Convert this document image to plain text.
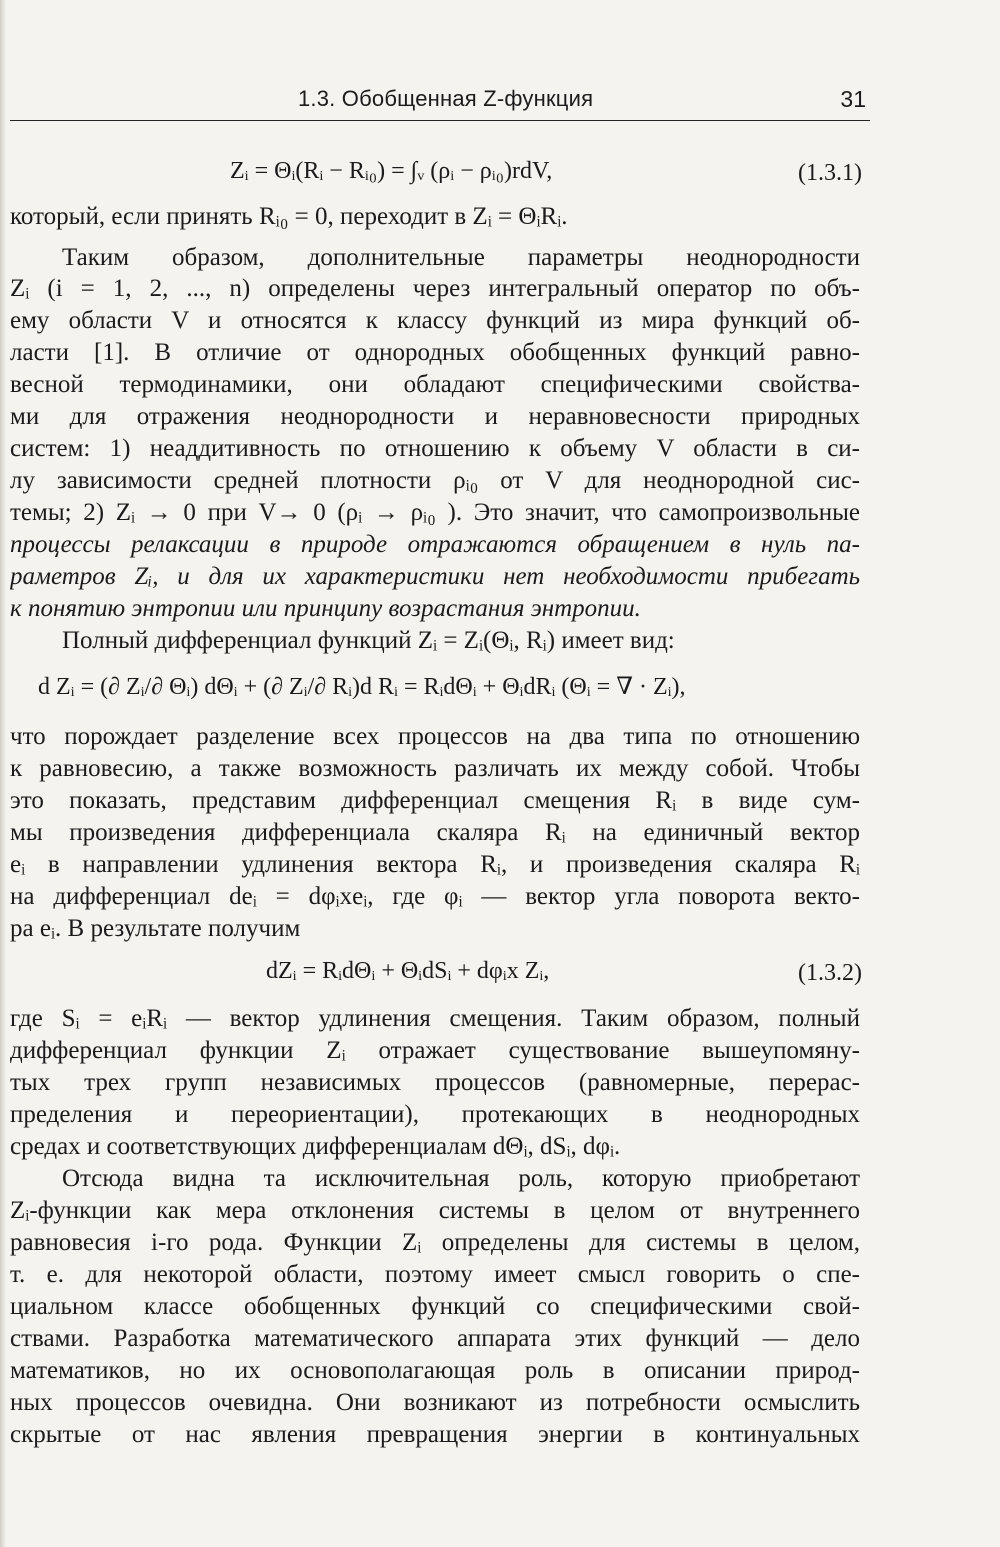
1.3. Обобщенная Z-функция	31
Zᵢ = Θᵢ(Rᵢ − Rᵢ₀) = ∫ᵥ (ρᵢ − ρᵢ₀)rdV,	(1.3.1)
который, если принять Rᵢ₀ = 0, переходит в Zᵢ = ΘᵢRᵢ.
Таким образом, дополнительные параметры неоднородности
Zᵢ (i = 1, 2, ..., n) определены через интегральный оператор по объ-
ему области V и относятся к классу функций из мира функций об-
ласти [1]. В отличие от однородных обобщенных функций равно-
весной термодинамики, они обладают специфическими свойства-
ми для отражения неоднородности и неравновесности природных
систем: 1) неаддитивность по отношению к объему V области в си-
лу зависимости средней плотности ρᵢ₀ от V для неоднородной сис-
темы; 2) Zᵢ → 0 при V→ 0 (ρᵢ → ρᵢ₀ ). Это значит, что самопроизвольные
процессы релаксации в природе отражаются обращением в нуль па-
раметров Zᵢ, и для их характеристики нет необходимости прибегать
к понятию энтропии или принципу возрастания энтропии.
Полный дифференциал функций Zᵢ = Zᵢ(Θᵢ, Rᵢ) имеет вид:
d Zᵢ = (∂ Zᵢ/∂ Θᵢ) dΘᵢ + (∂ Zᵢ/∂ Rᵢ)d Rᵢ = RᵢdΘᵢ + ΘᵢdRᵢ (Θᵢ = ∇ · Zᵢ),
что порождает разделение всех процессов на два типа по отношению
к равновесию, а также возможность различать их между собой. Чтобы
это показать, представим дифференциал смещения Rᵢ в виде сум-
мы произведения дифференциала скаляра Rᵢ на единичный вектор
eᵢ в направлении удлинения вектора Rᵢ, и произведения скаляра Rᵢ
на дифференциал deᵢ = dφᵢxeᵢ, где φᵢ — вектор угла поворота векто-
ра eᵢ. В результате получим
dZᵢ = RᵢdΘᵢ + ΘᵢdSᵢ + dφᵢx Zᵢ,	(1.3.2)
где Sᵢ = eᵢRᵢ — вектор удлинения смещения. Таким образом, полный
дифференциал функции Zᵢ отражает существование вышеупомяну-
тых трех групп независимых процессов (равномерные, перерас-
пределения и переориентации), протекающих в неоднородных
средах и соответствующих дифференциалам dΘᵢ, dSᵢ, dφᵢ.
Отсюда видна та исключительная роль, которую приобретают
Zᵢ-функции как мера отклонения системы в целом от внутреннего
равновесия i-го рода. Функции Zᵢ определены для системы в целом,
т. е. для некоторой области, поэтому имеет смысл говорить о спе-
циальном классе обобщенных функций со специфическими свой-
ствами. Разработка математического аппарата этих функций — дело
математиков, но их основополагающая роль в описании природ-
ных процессов очевидна. Они возникают из потребности осмыслить
скрытые от нас явления превращения энергии в континуальных
